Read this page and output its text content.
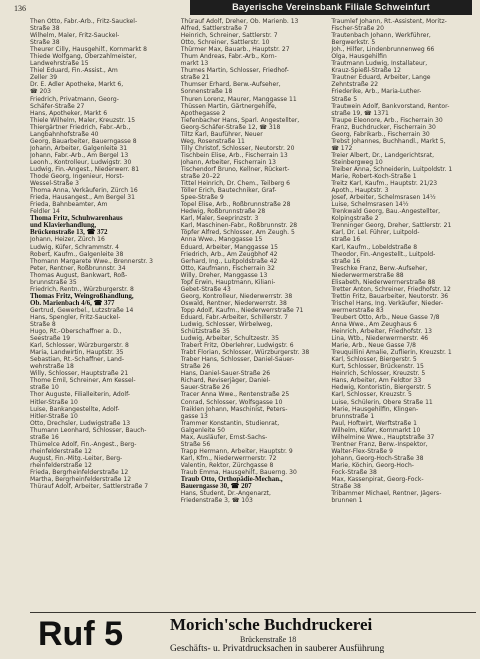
136	Bayerische Vereinsbank Filiale Schweinfurt
Then Otto, Fabr.-Arb., Fritz-Sauckel-
Straße 38
Wilhelm, Maler, Fritz-Sauckel-
Straße 38
Theurer Cilly, Hausgehilf., Kornmarkt 8
Thiede Wolfgang, Oberzahlmeister,
Landwehrstraße 15
Thiel Eduard, Fin.-Assist., Am
Zeller 39
Dr. E. Adler Apotheke, Markt 6,
☎ 203
Friedrich, Privatmann, Georg-
Schäfer-Straße 27
Hans, Apotheker, Markt 6
Thiele Wilhelm, Maler, Kreuzstr. 15
Thiergärtner Friedrich, Fabr.-Arb.,
Langbahnhofstraße 40
Georg, Bauarbeiter, Bauerngasse 8
Johann, Arbeiter, Galgenleite 31
Johann, Fabr.-Arb., Am Bergel 13
Leonh., Kontrolleur, Ludwigstr. 30
Ludwig, Fin.-Angest., Niederwerr. 81
Thode Georg, Ingenieur, Horst-
Wessel-Straße 3
Thoma Anna, Verkäuferin, Zürch 16
Frieda, Hausangest., Am Bergel 31
Frieda, Bahnbeamter, Am
Feldler 14
Thoma Fritz, Schuhwarenhaus
und Klavierhandlung,
Brückenstraße 13, ☎ 372
Johann, Heizer, Zürch 16
Ludwig, Küfer, Schrammstr. 4
Robert, Kaufm., Galgenleite 38
Thomann Margarete Wwe., Brennerstr. 3
Peter, Rentner, Roßbrunnstr. 34
Thomas August, Bankwart, Roß-
brunnstraße 35
Friedrich, Rentn., Würzburgerstr. 8
Thomas Fritz, Weingroßhandlung,
Ob. Marienbach 4/6, ☎ 377
Gertrud, Gewerbel., Lutzstraße 14
Hans, Spengler, Fritz-Sauckel-
Straße 8
Hugo, Rt.-Oberschaffner a. D.,
Seestraße 19
Karl, Schlosser, Würzburgerstr. 8
Maria, Landwirtin, Hauptstr. 35
Sebastian, Rt.-Schaffner, Land-
wehrstraße 18
Willy, Schlosser, Hauptstraße 21
Thome Emil, Schreiner, Am Kessel-
straße 10
Thor Auguste, Filialleiterin, Adolf-
Hitler-Straße 10
Luise, Bankangestellte, Adolf-
Hitler-Straße 10
Otto, Drechsler, Ludwigstraße 13
Thumann Leonhard, Schlosser, Bauch-
straße 16
Thümelce Adolf, Fin.-Angest., Berg-
rheinfelderstraße 12
August, Fin.-Mitg.-Leiter, Berg-
rheinfelderstraße 12
Frieda, Bergrheinfelderstraße 12
Martha, Bergrheinfelderstraße 12
Thürauf Adolf, Arbeiter, Sattlerstraße 7
Thürauf Adolf, Dreher, Ob. Marienb. 13
Alfred, Sattlerstraße 7
Heinrich, Schreiner, Sattlerstr. 7
Otto, Schreiner, Sattlerstr. 10
Thürmer Max, Bauarb., Hauptstr. 27
Thum Andreas, Fabr.-Arb., Korn-
markt 13
Thumes Martin, Schlosser, Friedhof-
straße 21
Thumser Erhard, Berw.-Aufseher,
Sonnenstraße 18
Thuren Lorenz, Maurer, Manggasse 11
Thüssen Martin, Gärtnergehilfe,
Apothegasse 2
Tiefenbacher Hans, Sparl. Angestellter,
Georg-Schäfer-Straße 12, ☎ 318
Tiltz Karl, Bauführer, Neuer
Weg, Rosenstraße 11
Tilly Christof, Schlosser, Neutorstr. 20
Tischbein Elise, Arb., Fischerrain 13
Johann, Arbeiter, Fischerrain 13
Tischendorf Bruno, Kellner, Rückert-
straße 20–22
Tittel Heinrich, Dr. Chem., Teilberg 6
Töller Erich, Bautechniker, Graf-
Spee-Straße 9
Topel Elise, Arb., Roßbrunnstraße 28
Hedwig, Roßbrunnstraße 28
Karl, Maler, Seeprinzstr. 3
Karl, Maschinen-Fabr., Roßbrunnstr. 28
Töpfer Alfred, Schlosser, Am Zeugh. 5
Anna Wwe., Manggasse 15
Eduard, Arbeiter, Manggasse 15
Friedrich, Arb., Am Zeugbhof 42
Gerhard, Ing., Luitpoldstraße 42
Otto, Kaufmann, Fischerrain 32
Willy, Dreher, Manggasse 13
Topf Erwin, Hauptmann, Kiliani-
Gebet-Straße 43
Georg, Kontrolleur, Niederwerrstr. 38
Oswald, Rentner, Niederwerrstr. 38
Topp Adolf, Kaufm., Niederwerrstraße 71
Eduard, Fabr.-Arbeiter, Schillerstr. 7
Ludwig, Schlosser, Wirbelweg,
Schützstraße 35
Ludwig, Arbeiter, Schultzestr. 35
Trabert Fritz, Oberlehrer, Ludwigstr. 6
Trabt Florian, Schlosser, Würzburgerstr. 38
Traber Hans, Schlosser, Daniel-Sauer-
Straße 26
Hans, Daniel-Sauer-Straße 26
Richard, Reviserjäger, Daniel-
Sauer-Straße 26
Tracer Anna Wwe., Rentenstraße 25
Conrad, Schlosser, Wolfsgasse 10
Traiklen Johann, Maschinist, Peters-
gasse 13
Trammer Konstantin, Studienrat,
Galgenleite 50
Max, Ausläufer, Ernst-Sachs-
Straße 56
Trapp Hermann, Arbeiter, Hauptstr. 9
Karl, Kfm., Niederwerrnerstr. 72
Valentin, Rektor, Zürchgasse 8
Traub Emma, Hausgehilf., Bauerng. 30
Traub Otto, Orthopädie-Mechan.,
Bauerngasse 30, ☎ 207
Hans, Student, Dr.-Angenarzt,
Friedenstraße 3, ☎ 103
Traumlef Johann, Rt.-Assistent, Moritz-
Fischer-Straße 20
Trautenbach Johann, Werkführer,
Bergwerkstr. 5
Joh., Hilfer, Lindenbrunnenweg 66
Olga, Hausgehilfin
Trautmann Ludwig, Installateur,
Krauz-Spießl-Straße 12
Trautner Eduard, Arbeiter, Lange
Zehntstraße 22
Friederike, Arb., Maria-Luther-
Straße 5
Trautwein Adolf, Bankvorstand, Rentor-
straße 19, ☎ 1371
Traupe Eleonore, Arb., Fischerrain 30
Franz, Buchdrucker, Fischerrain 30
Georg, Fabrikarb., Fischerrain 30
Trebst Johannes, Buchhandl., Markt 5,
☎ 172
Treier Albert, Dr., Landgerichtsrat,
Steinbergweg 10
Treiber Anna, Schneiderin, Luitpoldstr. 1
Marie, Robert-Koch-Straße 1
Treitz Karl, Kaufm., Hauptstr. 21/23
Apoth., Hauptstr. 3
Josef, Arbeiter, Schelmsrasen 14½
Luise, Schelmsrasen 14½
Trenkwald Georg, Bau.-Angestellter,
Kolpingstraße 2
Trenninger Georg, Dreher, Sattlerstr. 21
Karl, Dr. Lel. Führer, Luitpold-
straße 16
Karl, Kaufm., Lobeldstraße 8
Theodor, Fin.-Angestellt., Luitpold-
straße 16
Treschke Franz, Berw.-Aufseher,
Niederwerrnerstraße 88
Elisabeth, Niederwerrnerstraße 88
Tretter Anton, Schreiner, Friedhofstr. 12
Trettin Fritz, Bauarbeiter, Neutorstr. 36
Trischel Hans, Ing. Verkäufer, Nieder-
werrnerstraße 83
Treubert Otto, Arb., Neue Gasse 7/8
Anna Wwe., Am Zeughaus 6
Heinrich, Arbeiter, Friedhofstr. 13
Lina, Wtb., Niederwerrnerstr. 46
Marie, Arb., Neue Gasse 7/8
Treuquillini Amalie, Zuflierin, Kreuzstr. 1
Karl, Schlosser, Biergerstr. 5
Kurt, Schlosser, Brückenstr. 15
Heinrich, Schlosser, Kreuzstr. 5
Hans, Arbeiter, Am Feldtor 33
Hedwig, Kontoristin, Biergerstr. 5
Karl, Schlosser, Kreuzstr. 5
Luise, Schülerin, Obere Straße 11
Marie, Hausgehilfin, Klingen-
brunnstraße 1
Paul, Hoftwirt, Werftstraße 1
Wilhelm, Küfer, Kornmarkt 10
Wilhelmine Wwe., Hauptstraße 37
Trentner Franz, Berw.-Inspektor,
Walter-Flex-Straße 9
Johann, Georg-Hoch-Straße 38
Marie, Köchin, Georg-Hoch-
Fock-Straße 38
Max, Kassenpirat, Georg-Fock-
Straße 38
Tribammer Michael, Rentner, Jägers-
brunnen 1
Ruf 5	Morich'sche Buchdruckerei
Brückenstraße 18
Geschäfts- u. Privatdrucksachen in sauberer Ausführung
